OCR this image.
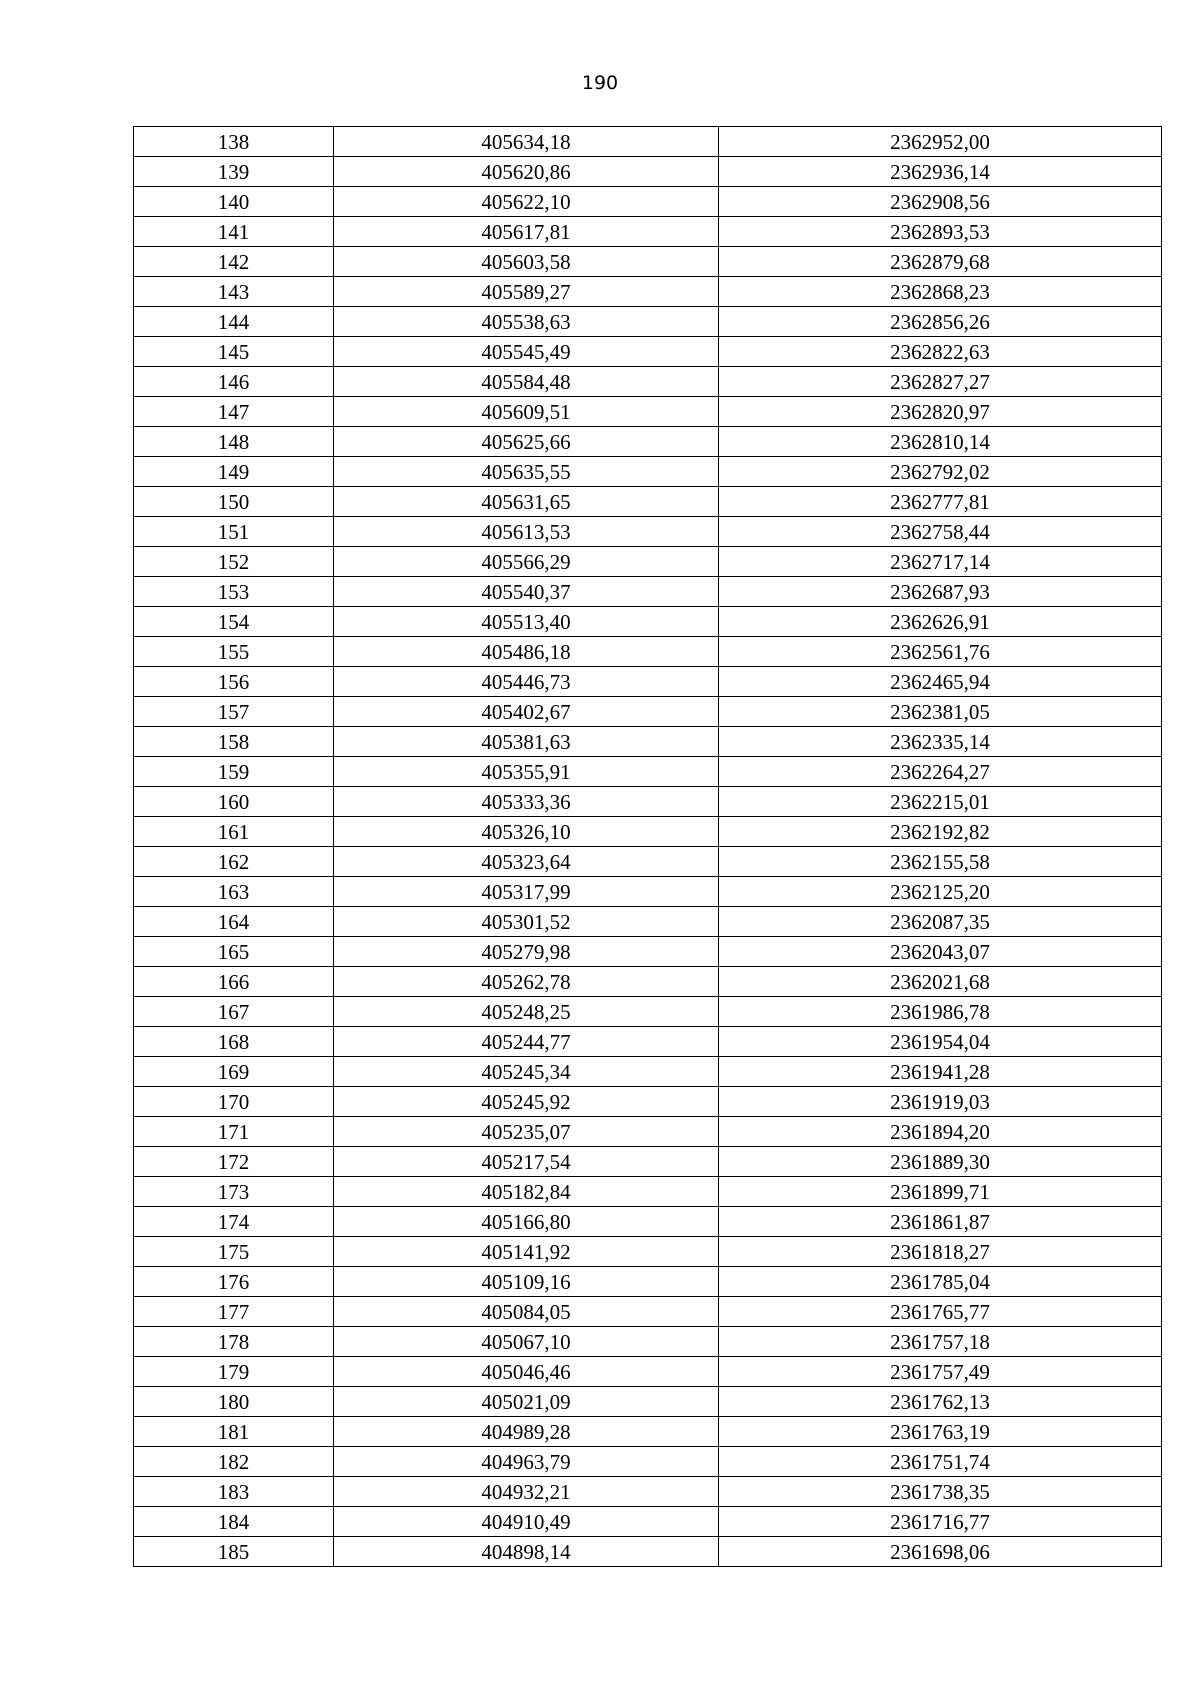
190
138	405634,18	2362952,00
139	405620,86	2362936,14
140	405622,10	2362908,56
141	405617,81	2362893,53
142	405603,58	2362879,68
143	405589,27	2362868,23
144	405538,63	2362856,26
145	405545,49	2362822,63
146	405584,48	2362827,27
147	405609,51	2362820,97
148	405625,66	2362810,14
149	405635,55	2362792,02
150	405631,65	2362777,81
151	405613,53	2362758,44
152	405566,29	2362717,14
153	405540,37	2362687,93
154	405513,40	2362626,91
155	405486,18	2362561,76
156	405446,73	2362465,94
157	405402,67	2362381,05
158	405381,63	2362335,14
159	405355,91	2362264,27
160	405333,36	2362215,01
161	405326,10	2362192,82
162	405323,64	2362155,58
163	405317,99	2362125,20
164	405301,52	2362087,35
165	405279,98	2362043,07
166	405262,78	2362021,68
167	405248,25	2361986,78
168	405244,77	2361954,04
169	405245,34	2361941,28
170	405245,92	2361919,03
171	405235,07	2361894,20
172	405217,54	2361889,30
173	405182,84	2361899,71
174	405166,80	2361861,87
175	405141,92	2361818,27
176	405109,16	2361785,04
177	405084,05	2361765,77
178	405067,10	2361757,18
179	405046,46	2361757,49
180	405021,09	2361762,13
181	404989,28	2361763,19
182	404963,79	2361751,74
183	404932,21	2361738,35
184	404910,49	2361716,77
185	404898,14	2361698,06
